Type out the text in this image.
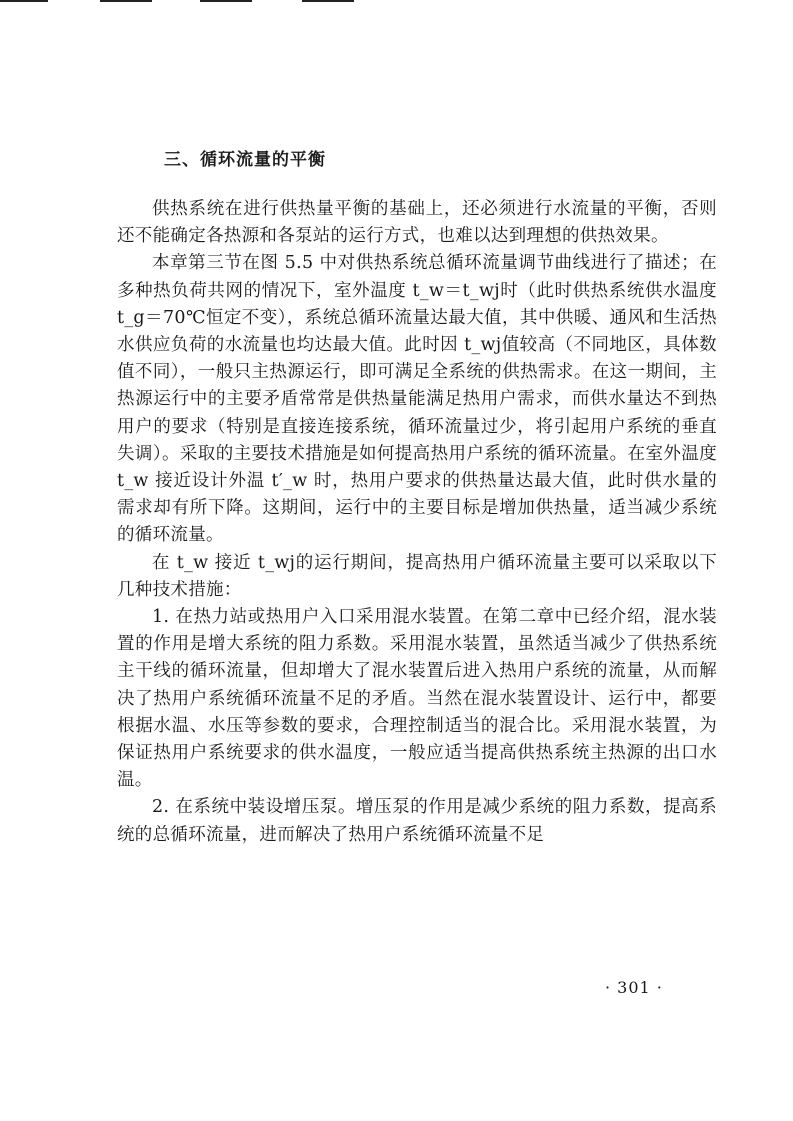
三、循环流量的平衡

供热系统在进行供热量平衡的基础上，还必须进行水流量的平衡，否则还不能确定各热源和各泵站的运行方式，也难以达到理想的供热效果。

本章第三节在图 5.5 中对供热系统总循环流量调节曲线进行了描述；在多种热负荷共网的情况下，室外温度 t_w＝t_wj时（此时供热系统供水温度 t_g＝70℃恒定不变），系统总循环流量达最大值，其中供暖、通风和生活热水供应负荷的水流量也均达最大值。此时因 t_wj值较高（不同地区，具体数值不同），一般只主热源运行，即可满足全系统的供热需求。在这一期间，主热源运行中的主要矛盾常常是供热量能满足热用户需求，而供水量达不到热用户的要求（特别是直接连接系统，循环流量过少，将引起用户系统的垂直失调）。采取的主要技术措施是如何提高热用户系统的循环流量。在室外温度 t_w 接近设计外温 t′_w 时，热用户要求的供热量达最大值，此时供水量的需求却有所下降。这期间，运行中的主要目标是增加供热量，适当减少系统的循环流量。

在 t_w 接近 t_wj的运行期间，提高热用户循环流量主要可以采取以下几种技术措施：

1. 在热力站或热用户入口采用混水装置。在第二章中已经介绍，混水装置的作用是增大系统的阻力系数。采用混水装置，虽然适当减少了供热系统主干线的循环流量，但却增大了混水装置后进入热用户系统的流量，从而解决了热用户系统循环流量不足的矛盾。当然在混水装置设计、运行中，都要根据水温、水压等参数的要求，合理控制适当的混合比。采用混水装置，为保证热用户系统要求的供水温度，一般应适当提高供热系统主热源的出口水温。

2. 在系统中装设增压泵。增压泵的作用是减少系统的阻力系数，提高系统的总循环流量，进而解决了热用户系统循环流量不足

· 301 ·
